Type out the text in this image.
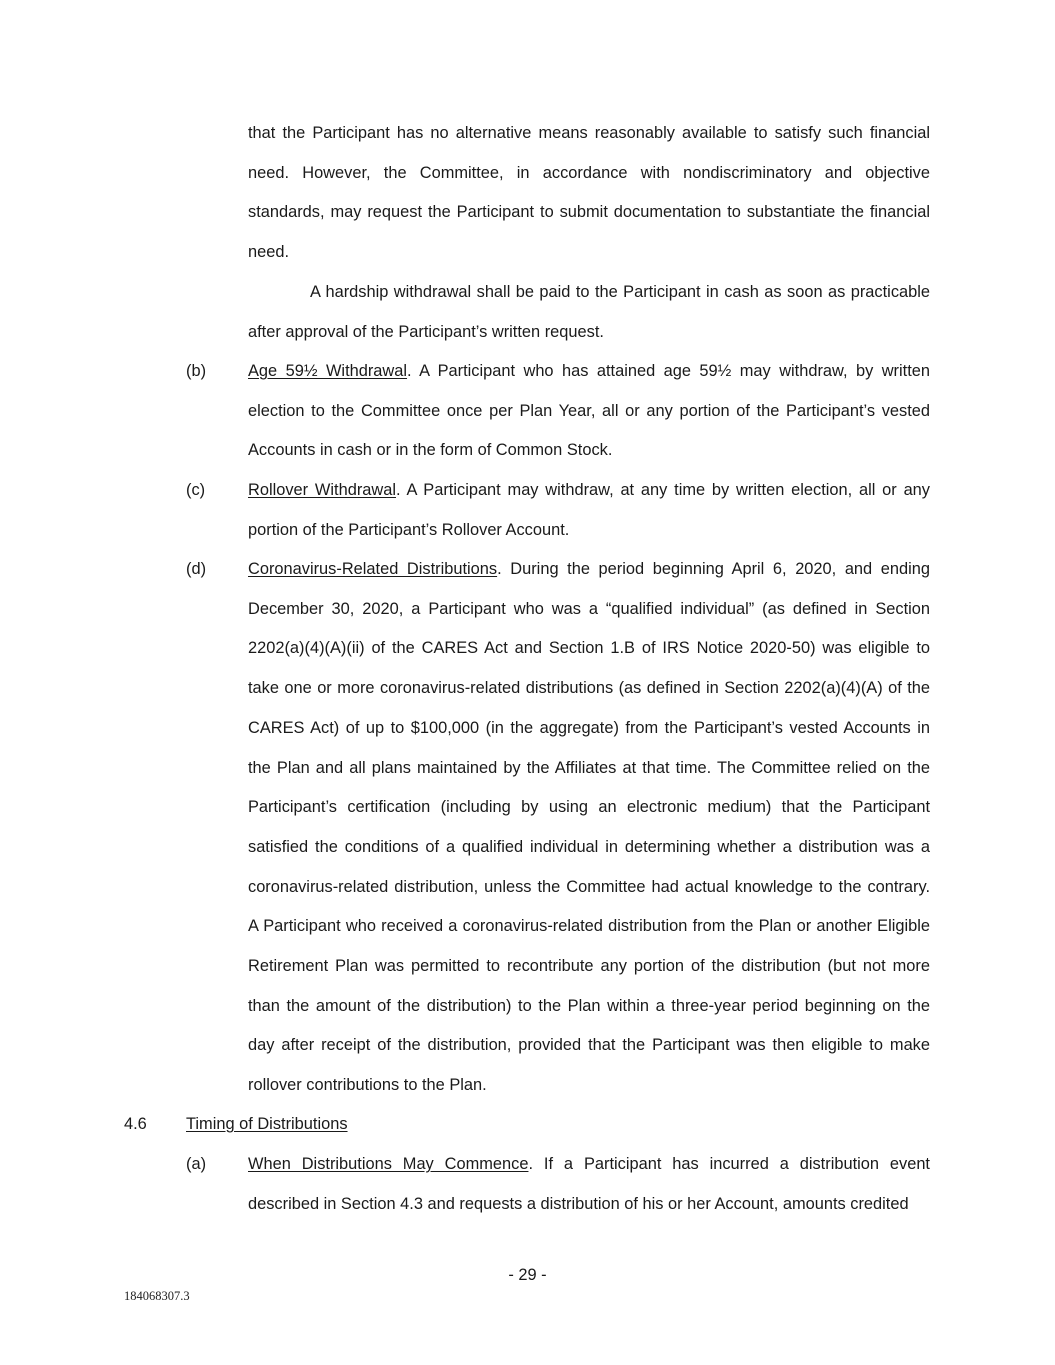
that the Participant has no alternative means reasonably available to satisfy such financial need. However, the Committee, in accordance with nondiscriminatory and objective standards, may request the Participant to submit documentation to substantiate the financial need.

A hardship withdrawal shall be paid to the Participant in cash as soon as practicable after approval of the Participant’s written request.

(b)	Age 59½ Withdrawal. A Participant who has attained age 59½ may withdraw, by written election to the Committee once per Plan Year, all or any portion of the Participant’s vested Accounts in cash or in the form of Common Stock.

(c)	Rollover Withdrawal. A Participant may withdraw, at any time by written election, all or any portion of the Participant’s Rollover Account.

(d)	Coronavirus-Related Distributions. During the period beginning April 6, 2020, and ending December 30, 2020, a Participant who was a “qualified individual” (as defined in Section 2202(a)(4)(A)(ii) of the CARES Act and Section 1.B of IRS Notice 2020-50) was eligible to take one or more coronavirus-related distributions (as defined in Section 2202(a)(4)(A) of the CARES Act) of up to $100,000 (in the aggregate) from the Participant’s vested Accounts in the Plan and all plans maintained by the Affiliates at that time. The Committee relied on the Participant’s certification (including by using an electronic medium) that the Participant satisfied the conditions of a qualified individual in determining whether a distribution was a coronavirus-related distribution, unless the Committee had actual knowledge to the contrary. A Participant who received a coronavirus-related distribution from the Plan or another Eligible Retirement Plan was permitted to recontribute any portion of the distribution (but not more than the amount of the distribution) to the Plan within a three-year period beginning on the day after receipt of the distribution, provided that the Participant was then eligible to make rollover contributions to the Plan.

4.6 Timing of Distributions
(a)	When Distributions May Commence. If a Participant has incurred a distribution event described in Section 4.3 and requests a distribution of his or her Account, amounts credited

- 29 -
184068307.3
